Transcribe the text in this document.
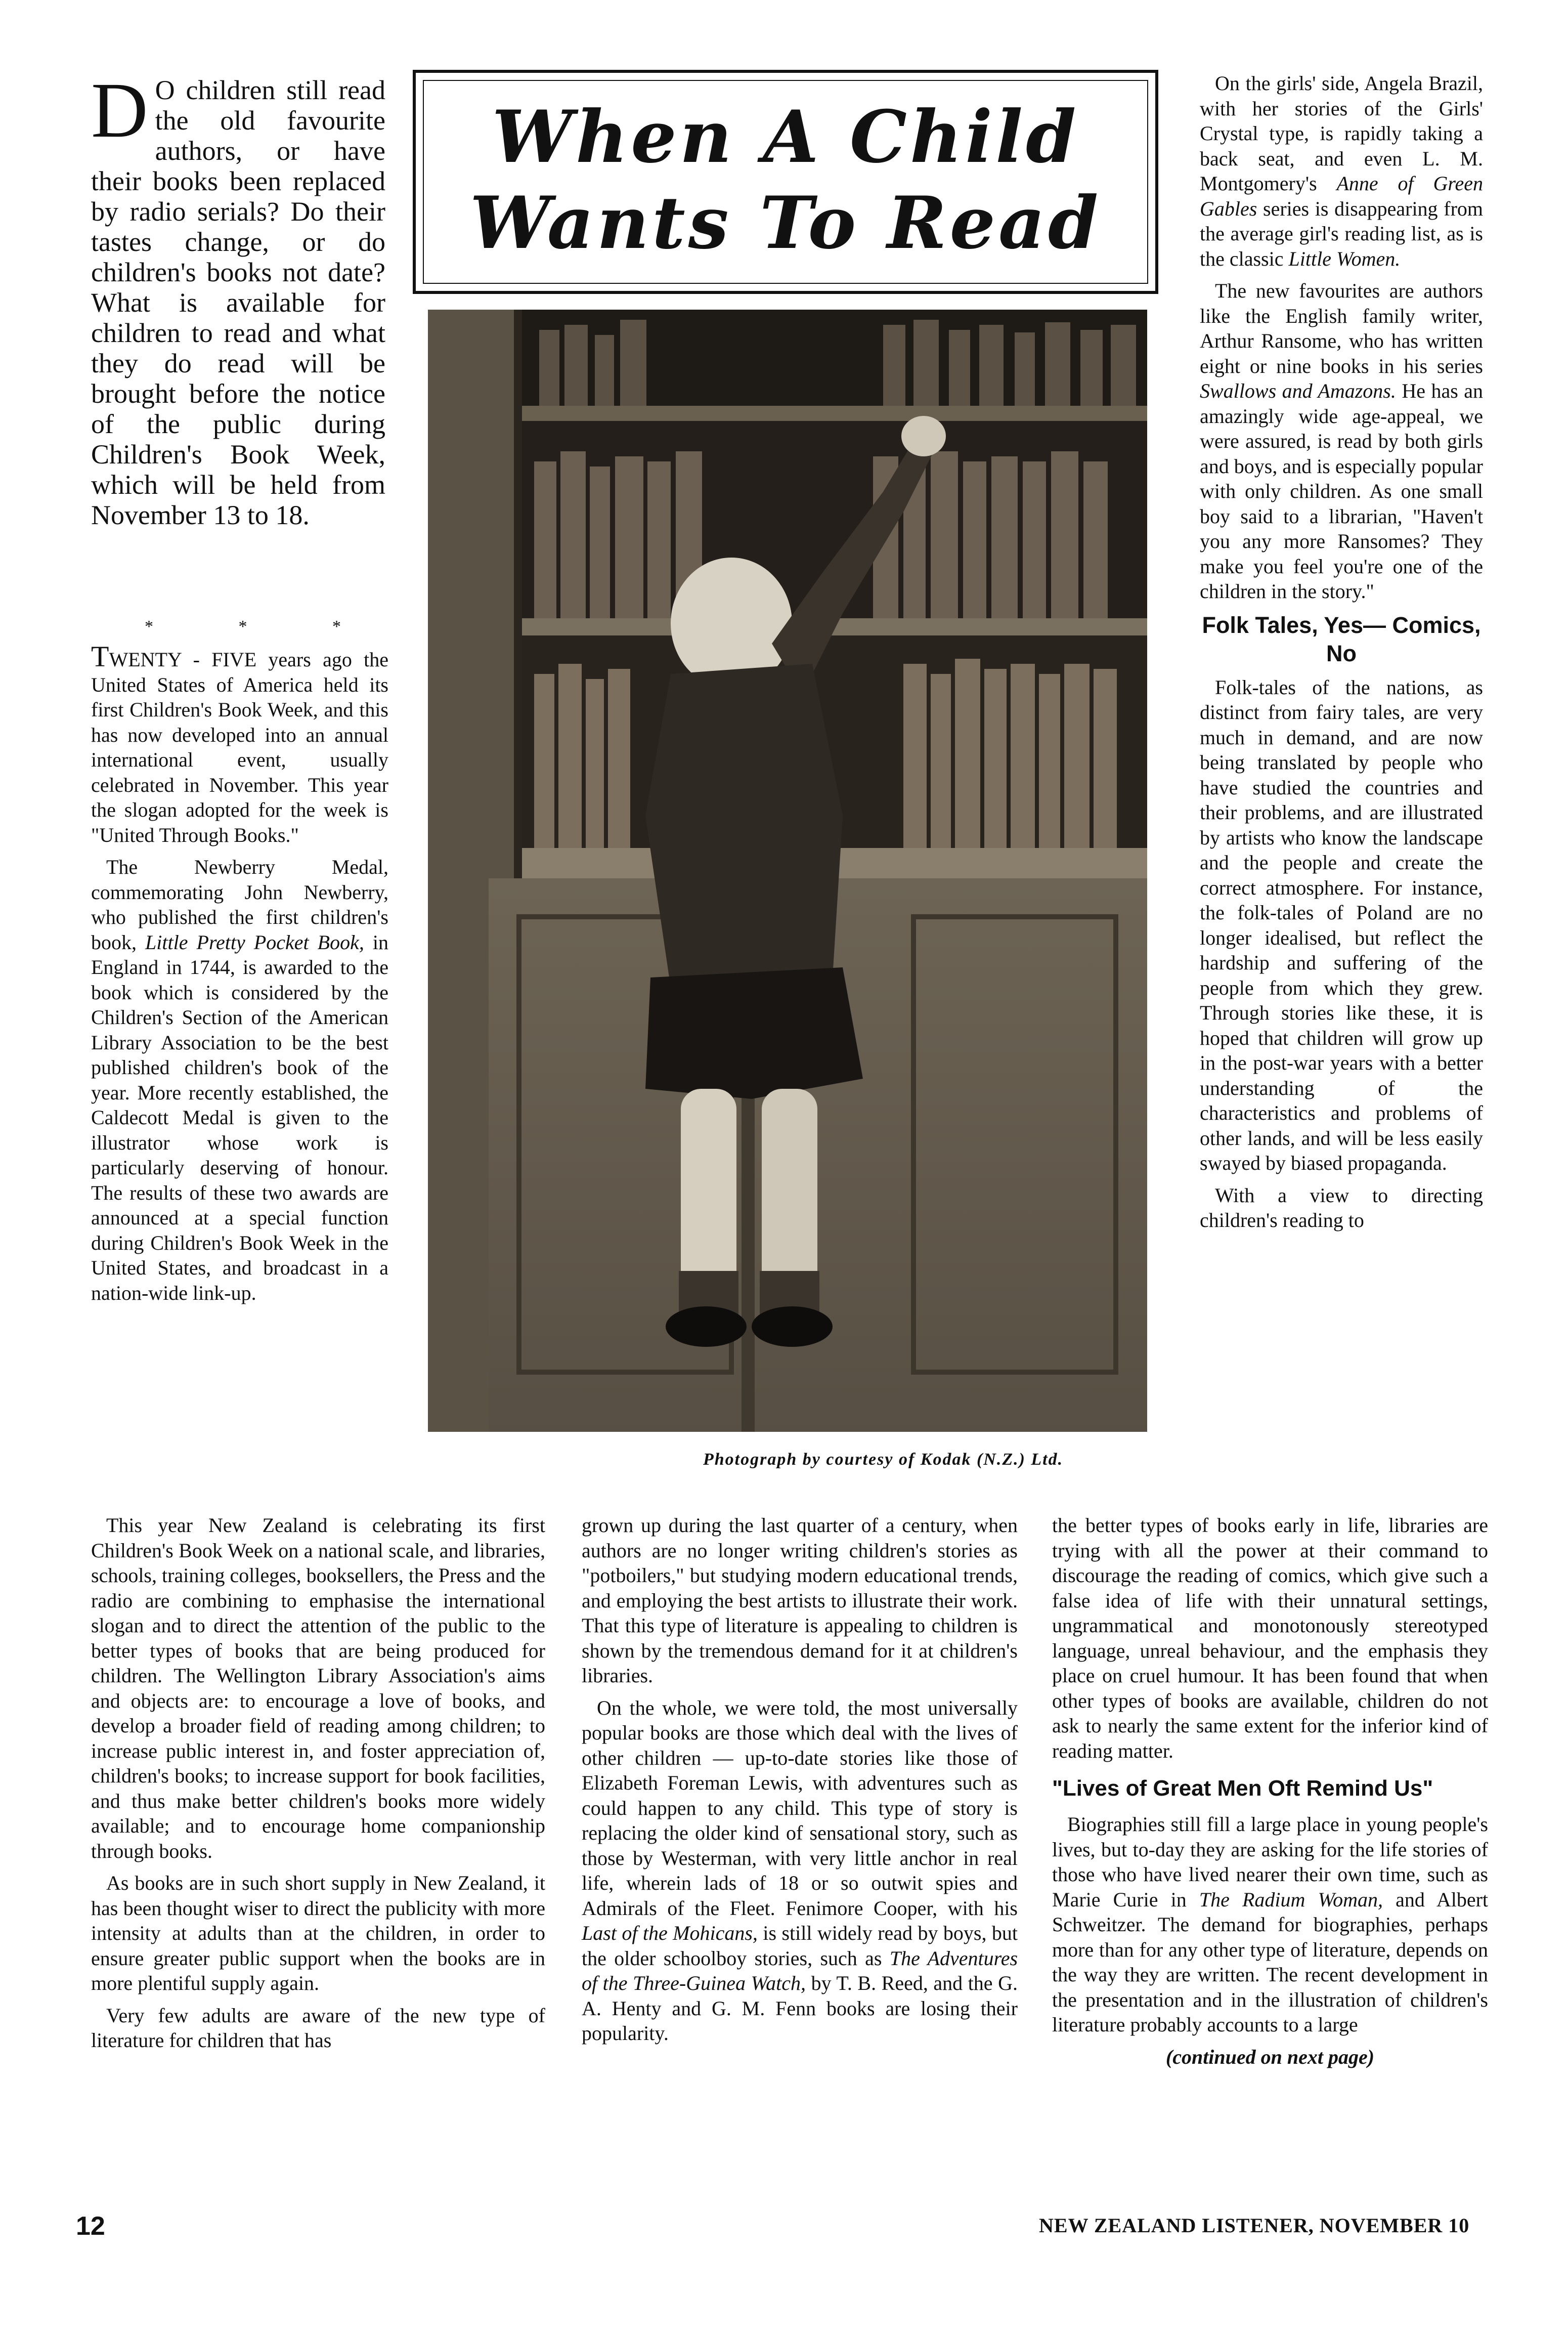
D O children still read the old favourite authors, or have their books been replaced by radio serials? Do their tastes change, or do children's books not date? What is available for children to read and what they do read will be brought before the notice of the public during Children's Book Week, which will be held from November 13 to 18.
* * *

TWENTY - FIVE years ago the United States of America held its first Children's Book Week, and this has now developed into an annual international event, usually celebrated in November. This year the slogan adopted for the week is "United Through Books."

The Newberry Medal, commemorating John Newberry, who published the first children's book, Little Pretty Pocket Book, in England in 1744, is awarded to the book which is considered by the Children's Section of the American Library Association to be the best published children's book of the year. More recently established, the Caldecott Medal is given to the illustrator whose work is particularly deserving of honour. The results of these two awards are announced at a special function during Children's Book Week in the United States, and broadcast in a nation-wide link-up.

When A Child
Wants To Read
Photograph by courtesy of Kodak (N.Z.) Ltd.

On the girls' side, Angela Brazil, with her stories of the Girls' Crystal type, is rapidly taking a back seat, and even L. M. Montgomery's Anne of Green Gables series is disappearing from the average girl's reading list, as is the classic Little Women.

The new favourites are authors like the English family writer, Arthur Ransome, who has written eight or nine books in his series Swallows and Amazons. He has an amazingly wide age-appeal, we were assured, is read by both girls and boys, and is especially popular with only children. As one small boy said to a librarian, "Haven't you any more Ransomes? They make you feel you're one of the children in the story."

Folk Tales, Yes— Comics, No

Folk-tales of the nations, as distinct from fairy tales, are very much in demand, and are now being translated by people who have studied the countries and their problems, and are illustrated by artists who know the landscape and the people and create the correct atmosphere. For instance, the folk-tales of Poland are no longer idealised, but reflect the hardship and suffering of the people from which they grew. Through stories like these, it is hoped that children will grow up in the post-war years with a better understanding of the characteristics and problems of other lands, and will be less easily swayed by biased propaganda.

With a view to directing children's reading to

This year New Zealand is celebrating its first Children's Book Week on a national scale, and libraries, schools, training colleges, booksellers, the Press and the radio are combining to emphasise the international slogan and to direct the attention of the public to the better types of books that are being produced for children. The Wellington Library Association's aims and objects are: to encourage a love of books, and develop a broader field of reading among children; to increase public interest in, and foster appreciation of, children's books; to increase support for book facilities, and thus make better children's books more widely available; and to encourage home companionship through books.

As books are in such short supply in New Zealand, it has been thought wiser to direct the publicity with more intensity at adults than at the children, in order to ensure greater public support when the books are in more plentiful supply again.

Very few adults are aware of the new type of literature for children that has

grown up during the last quarter of a century, when authors are no longer writing children's stories as "potboilers," but studying modern educational trends, and employing the best artists to illustrate their work. That this type of literature is appealing to children is shown by the tremendous demand for it at children's libraries.

On the whole, we were told, the most universally popular books are those which deal with the lives of other children — up-to-date stories like those of Elizabeth Foreman Lewis, with adventures such as could happen to any child. This type of story is replacing the older kind of sensational story, such as those by Westerman, with very little anchor in real life, wherein lads of 18 or so outwit spies and Admirals of the Fleet. Fenimore Cooper, with his Last of the Mohicans, is still widely read by boys, but the older schoolboy stories, such as The Adventures of the Three-Guinea Watch, by T. B. Reed, and the G. A. Henty and G. M. Fenn books are losing their popularity.

the better types of books early in life, libraries are trying with all the power at their command to discourage the reading of comics, which give such a false idea of life with their unnatural settings, ungrammatical and monotonously stereotyped language, unreal behaviour, and the emphasis they place on cruel humour. It has been found that when other types of books are available, children do not ask to nearly the same extent for the inferior kind of reading matter.

"Lives of Great Men Oft Remind Us"

Biographies still fill a large place in young people's lives, but to-day they are asking for the life stories of those who have lived nearer their own time, such as Marie Curie in The Radium Woman, and Albert Schweitzer. The demand for biographies, perhaps more than for any other type of literature, depends on the way they are written. The recent development in the presentation and in the illustration of children's literature probably accounts to a large

(continued on next page)

12	NEW ZEALAND LISTENER, NOVEMBER 10
